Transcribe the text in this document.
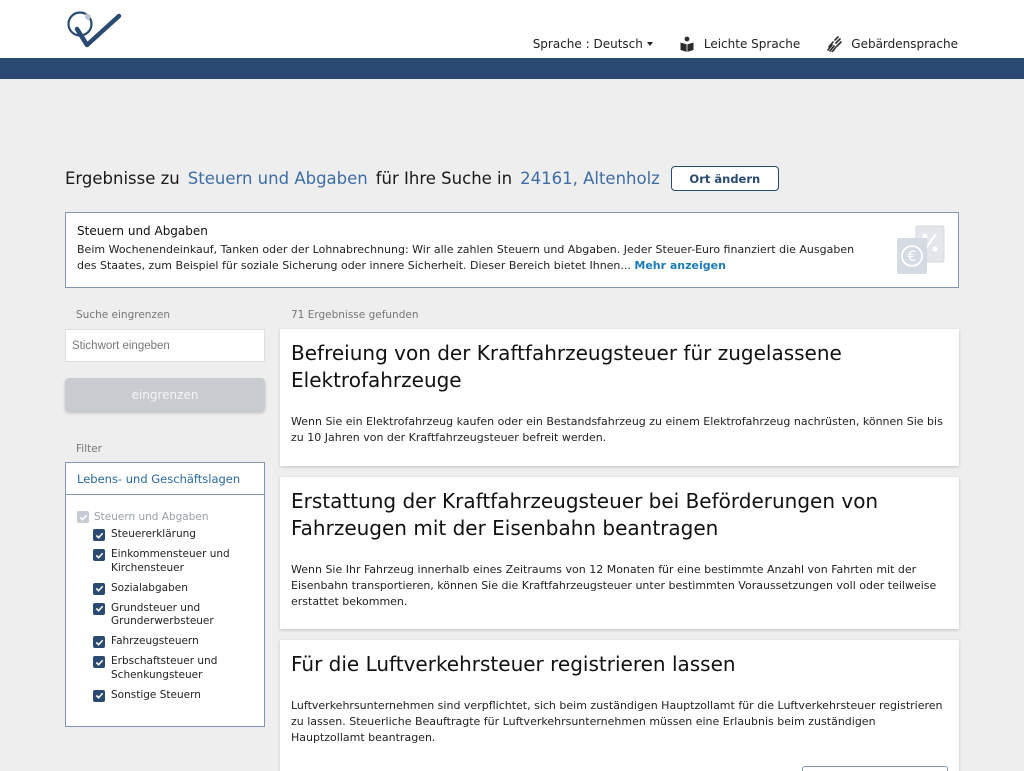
Sprache : Deutsch	Leichte Sprache	Gebärdensprache
Ergebnisse zu Steuern und Abgaben für Ihre Suche in 24161, Altenholz	Ort ändern
Steuern und Abgaben
Beim Wochenendeinkauf, Tanken oder der Lohnabrechnung: Wir alle zahlen Steuern und Abgaben. Jeder Steuer-Euro finanziert die Ausgaben des Staates, zum Beispiel für soziale Sicherung oder innere Sicherheit. Dieser Bereich bietet Ihnen... Mehr anzeigen
€
Suche eingrenzen
Stichwort eingeben
eingrenzen
Filter
Lebens- und Geschäftslagen
Steuern und Abgaben
Steuererklärung
Einkommensteuer und Kirchensteuer
Sozialabgaben
Grundsteuer und Grunderwerbsteuer
Fahrzeugsteuern
Erbschaftsteuer und Schenkungsteuer
Sonstige Steuern
71 Ergebnisse gefunden
Befreiung von der Kraftfahrzeugsteuer für zugelassene Elektrofahrzeuge
Wenn Sie ein Elektrofahrzeug kaufen oder ein Bestandsfahrzeug zu einem Elektrofahrzeug nachrüsten, können Sie bis zu 10 Jahren von der Kraftfahrzeugsteuer befreit werden.
Erstattung der Kraftfahrzeugsteuer bei Beförderungen von Fahrzeugen mit der Eisenbahn beantragen
Wenn Sie Ihr Fahrzeug innerhalb eines Zeitraums von 12 Monaten für eine bestimmte Anzahl von Fahrten mit der Eisenbahn transportieren, können Sie die Kraftfahrzeugsteuer unter bestimmten Voraussetzungen voll oder teilweise erstattet bekommen.
Für die Luftverkehrsteuer registrieren lassen
Luftverkehrsunternehmen sind verpflichtet, sich beim zuständigen Hauptzollamt für die Luftverkehrsteuer registrieren zu lassen. Steuerliche Beauftragte für Luftverkehrsunternehmen müssen eine Erlaubnis beim zuständigen Hauptzollamt beantragen.
